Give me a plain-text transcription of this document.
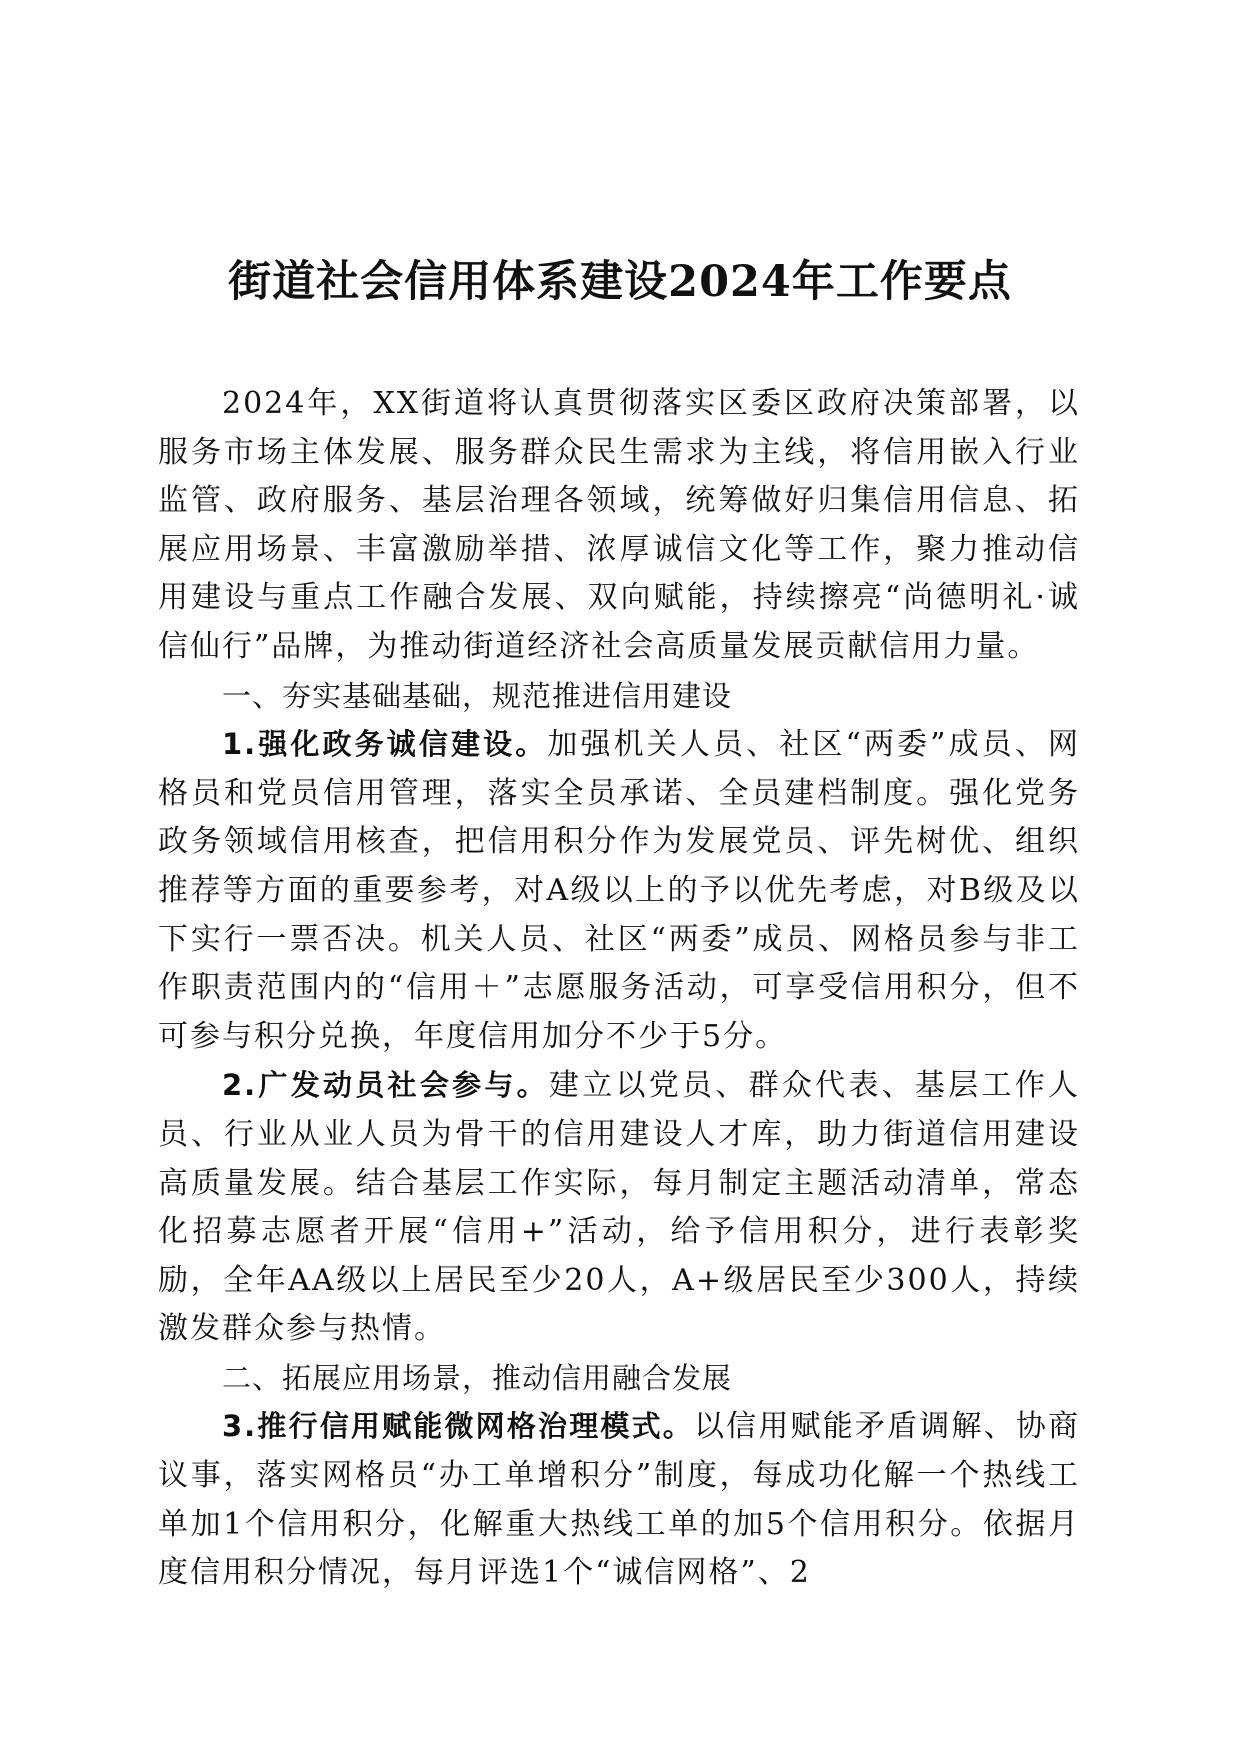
街道社会信用体系建设2024年工作要点

2024年，XX街道将认真贯彻落实区委区政府决策部署，以服务市场主体发展、服务群众民生需求为主线，将信用嵌入行业监管、政府服务、基层治理各领域，统筹做好归集信用信息、拓展应用场景、丰富激励举措、浓厚诚信文化等工作，聚力推动信用建设与重点工作融合发展、双向赋能，持续擦亮“尚德明礼·诚信仙行”品牌，为推动街道经济社会高质量发展贡献信用力量。

一、夯实基础基础，规范推进信用建设

1.强化政务诚信建设。加强机关人员、社区“两委”成员、网格员和党员信用管理，落实全员承诺、全员建档制度。强化党务政务领域信用核查，把信用积分作为发展党员、评先树优、组织推荐等方面的重要参考，对A级以上的予以优先考虑，对B级及以下实行一票否决。机关人员、社区“两委”成员、网格员参与非工作职责范围内的“信用＋”志愿服务活动，可享受信用积分，但不可参与积分兑换，年度信用加分不少于5分。

2.广发动员社会参与。建立以党员、群众代表、基层工作人员、行业从业人员为骨干的信用建设人才库，助力街道信用建设高质量发展。结合基层工作实际，每月制定主题活动清单，常态化招募志愿者开展“信用+”活动，给予信用积分，进行表彰奖励，全年AA级以上居民至少20人，A+级居民至少300人，持续激发群众参与热情。

二、拓展应用场景，推动信用融合发展

3.推行信用赋能微网格治理模式。以信用赋能矛盾调解、协商议事，落实网格员“办工单增积分”制度，每成功化解一个热线工单加1个信用积分，化解重大热线工单的加5个信用积分。依据月度信用积分情况，每月评选1个“诚信网格”、2
